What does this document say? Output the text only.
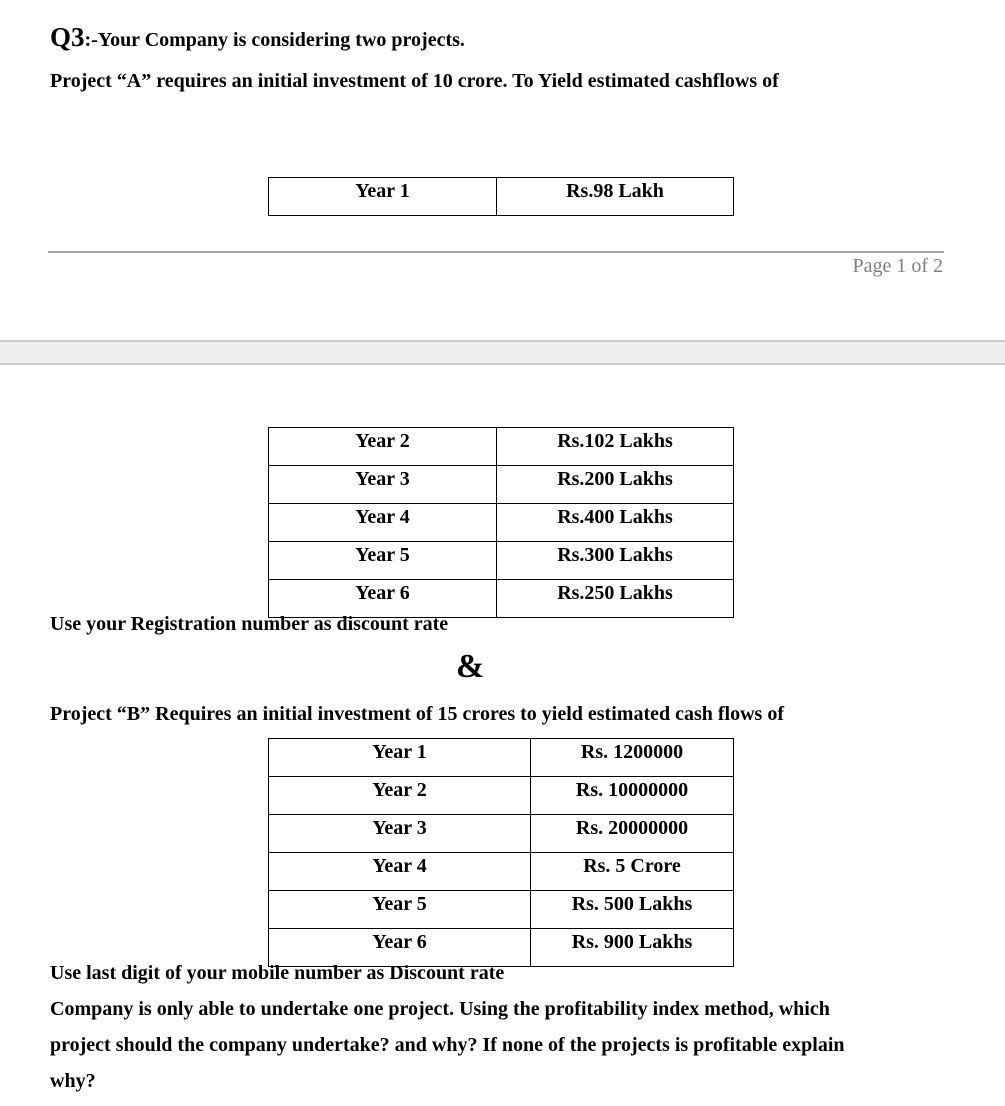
Q3:-Your Company is considering two projects.
Project “A” requires an initial investment of 10 crore. To Yield estimated cashflows of
Year 1	Rs.98 Lakh
Page 1 of 2
Year 2	Rs.102 Lakhs
Year 3	Rs.200 Lakhs
Year 4	Rs.400 Lakhs
Year 5	Rs.300 Lakhs
Year 6	Rs.250 Lakhs
Use your Registration number as discount rate
&
Project “B” Requires an initial investment of 15 crores to yield estimated cash flows of
Year 1	Rs. 1200000
Year 2	Rs. 10000000
Year 3	Rs. 20000000
Year 4	Rs. 5 Crore
Year 5	Rs. 500 Lakhs
Year 6	Rs. 900 Lakhs
Use last digit of your mobile number as Discount rate
Company is only able to undertake one project. Using the profitability index method, which
project should the company undertake? and why? If none of the projects is profitable explain
why?
